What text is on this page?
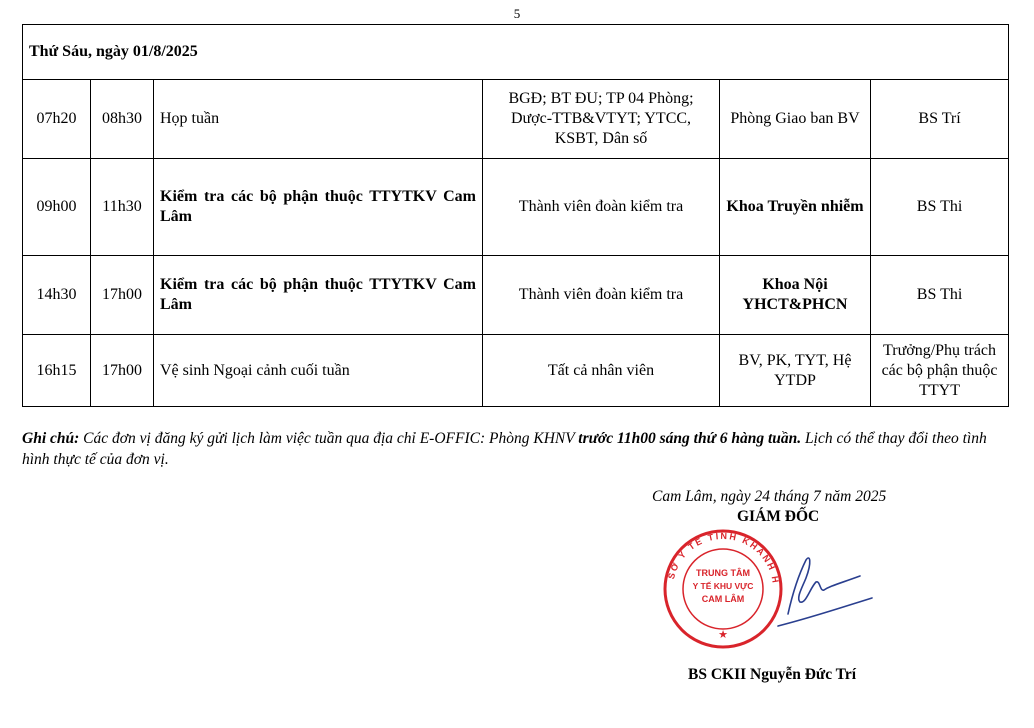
5
Thứ Sáu, ngày 01/8/2025					
07h20	08h30	Họp tuần	BGĐ; BT ĐU; TP 04 Phòng; Dược-TTB&VTYT; YTCC, KSBT, Dân số	Phòng Giao ban BV	BS Trí
09h00	11h30	Kiểm tra các bộ phận thuộc TTYTKV Cam Lâm	Thành viên đoàn kiểm tra	Khoa Truyền nhiễm	BS Thi
14h30	17h00	Kiểm tra các bộ phận thuộc TTYTKV Cam Lâm	Thành viên đoàn kiểm tra	Khoa Nội YHCT&PHCN	BS Thi
16h15	17h00	Vệ sinh Ngoại cảnh cuối tuần	Tất cả nhân viên	BV, PK, TYT, Hệ YTDP	Trưởng/Phụ trách các bộ phận thuộc TTYT
Ghi chú: Các đơn vị đăng ký gửi lịch làm việc tuần qua địa chỉ E-OFFIC: Phòng KHNV trước 11h00 sáng thứ 6 hàng tuần. Lịch có thể thay đổi theo tình hình thực tế của đơn vị.
Cam Lâm, ngày 24 tháng 7 năm 2025
GIÁM ĐỐC
SỞ Y TẾ TỈNH KHÁNH H
TRUNG TÂM
Y TẾ KHU VỰC
CAM LÂM
★
BS CKII Nguyễn Đức Trí
